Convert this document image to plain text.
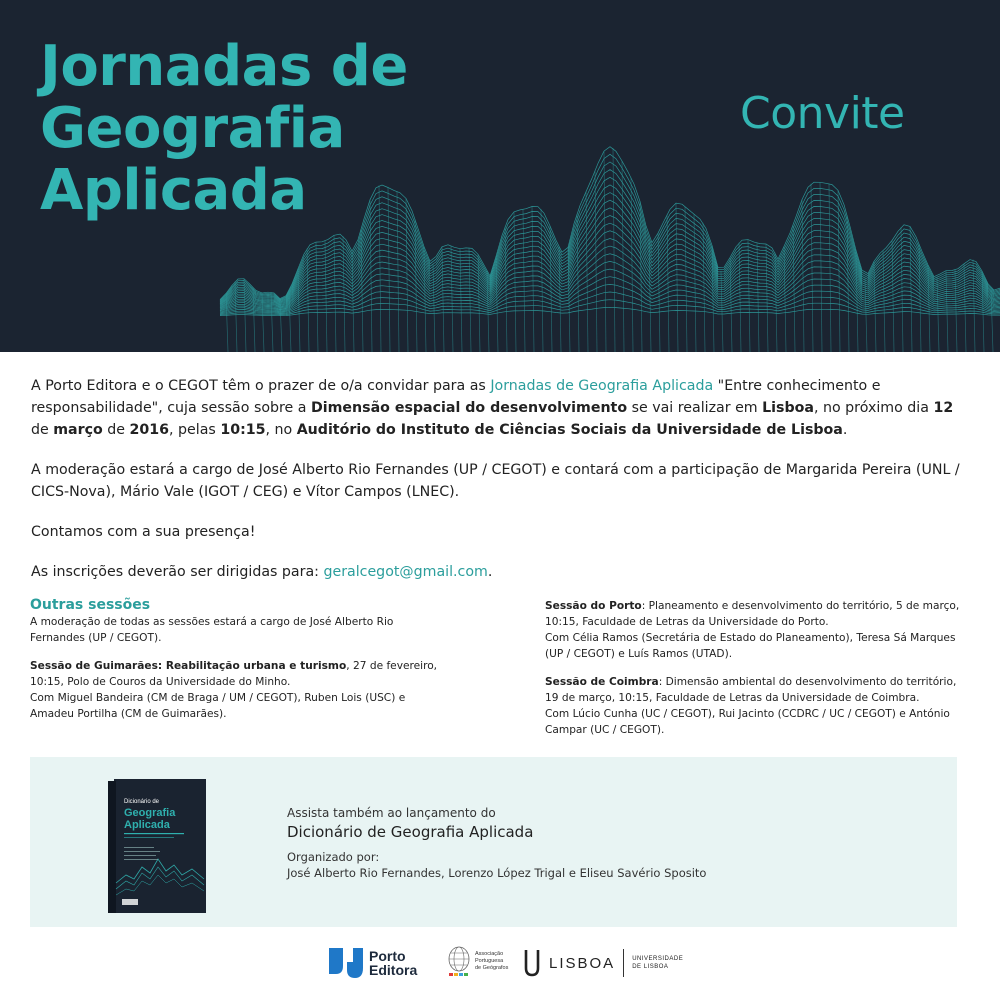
Jornadas de
Geografia
Aplicada
Convite

A Porto Editora e o CEGOT têm o prazer de o/a convidar para as Jornadas de Geografia Aplicada "Entre conhecimento e responsabilidade", cuja sessão sobre a Dimensão espacial do desenvolvimento se vai realizar em Lisboa, no próximo dia 12 de março de 2016, pelas 10:15, no Auditório do Instituto de Ciências Sociais da Universidade de Lisboa.

A moderação estará a cargo de José Alberto Rio Fernandes (UP / CEGOT) e contará com a participação de Margarida Pereira (UNL / CICS-Nova), Mário Vale (IGOT / CEG) e Vítor Campos (LNEC).

Contamos com a sua presença!

As inscrições deverão ser dirigidas para: geralcegot@gmail.com.

Outras sessões
A moderação de todas as sessões estará a cargo de José Alberto Rio Fernandes (UP / CEGOT).
Sessão de Guimarães: Reabilitação urbana e turismo, 27 de fevereiro, 10:15, Polo de Couros da Universidade do Minho.
Com Miguel Bandeira (CM de Braga / UM / CEGOT), Ruben Lois (USC) e Amadeu Portilha (CM de Guimarães).
Sessão do Porto: Planeamento e desenvolvimento do território, 5 de março, 10:15, Faculdade de Letras da Universidade do Porto.
Com Célia Ramos (Secretária de Estado do Planeamento), Teresa Sá Marques (UP / CEGOT) e Luís Ramos (UTAD).
Sessão de Coimbra: Dimensão ambiental do desenvolvimento do território, 19 de março, 10:15, Faculdade de Letras da Universidade de Coimbra.
Com Lúcio Cunha (UC / CEGOT), Rui Jacinto (CCDRC / UC / CEGOT) e António Campar (UC / CEGOT).
Dicionário de
Geografia
Aplicada
Assista também ao lançamento do
Dicionário de Geografia Aplicada
Organizado por:
José Alberto Rio Fernandes, Lorenzo López Trigal e Eliseu Savério Sposito
Porto
Editora
Associação
Portuguesa
de Geógrafos	LISBOA	UNIVERSIDADE
DE LISBOA
